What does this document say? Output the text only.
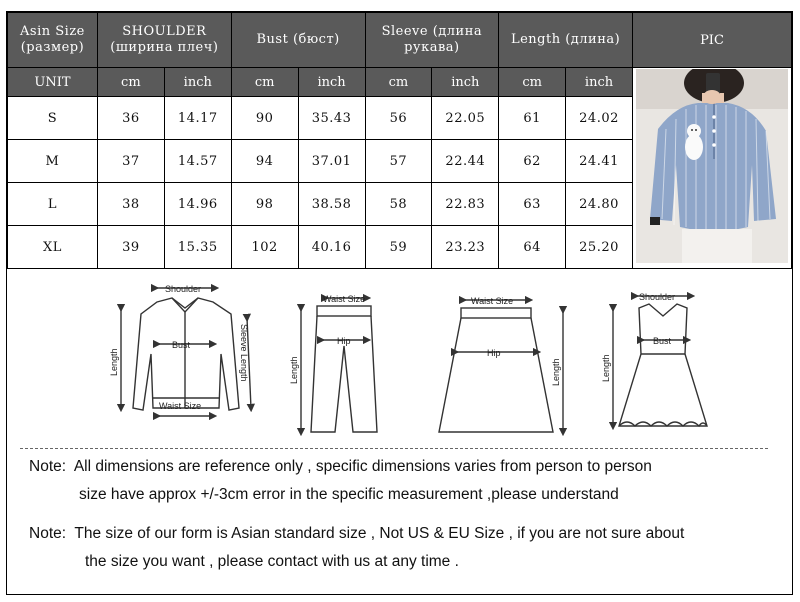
Asin Size (размер)	SHOULDER (ширина плеч)		Bust (бюст)		Sleeve (длина рукава)		Length (длина)		PIC
UNIT	cm	inch	cm	inch	cm	inch	cm	inch	
S	36	14.17	90	35.43	56	22.05	61	24.02	
M	37	14.57	94	37.01	57	22.44	62	24.41	
L	38	14.96	98	38.58	58	22.83	63	24.80	
XL	39	15.35	102	40.16	59	23.23	64	25.20	
Shoulder
Bust
Waist Size
Length	Sleeve Length
Waist Size
Hip
Length
Waist Size
Hip
Length
Shoulder
Bust
Length
Note: All dimensions are reference only , specific dimensions varies from person to person
size have approx +/-3cm error in the specific measurement ,please understand
Note: The size of our form is Asian standard size , Not US & EU Size , if you are not sure about
the size you want , please contact with us at any time .
